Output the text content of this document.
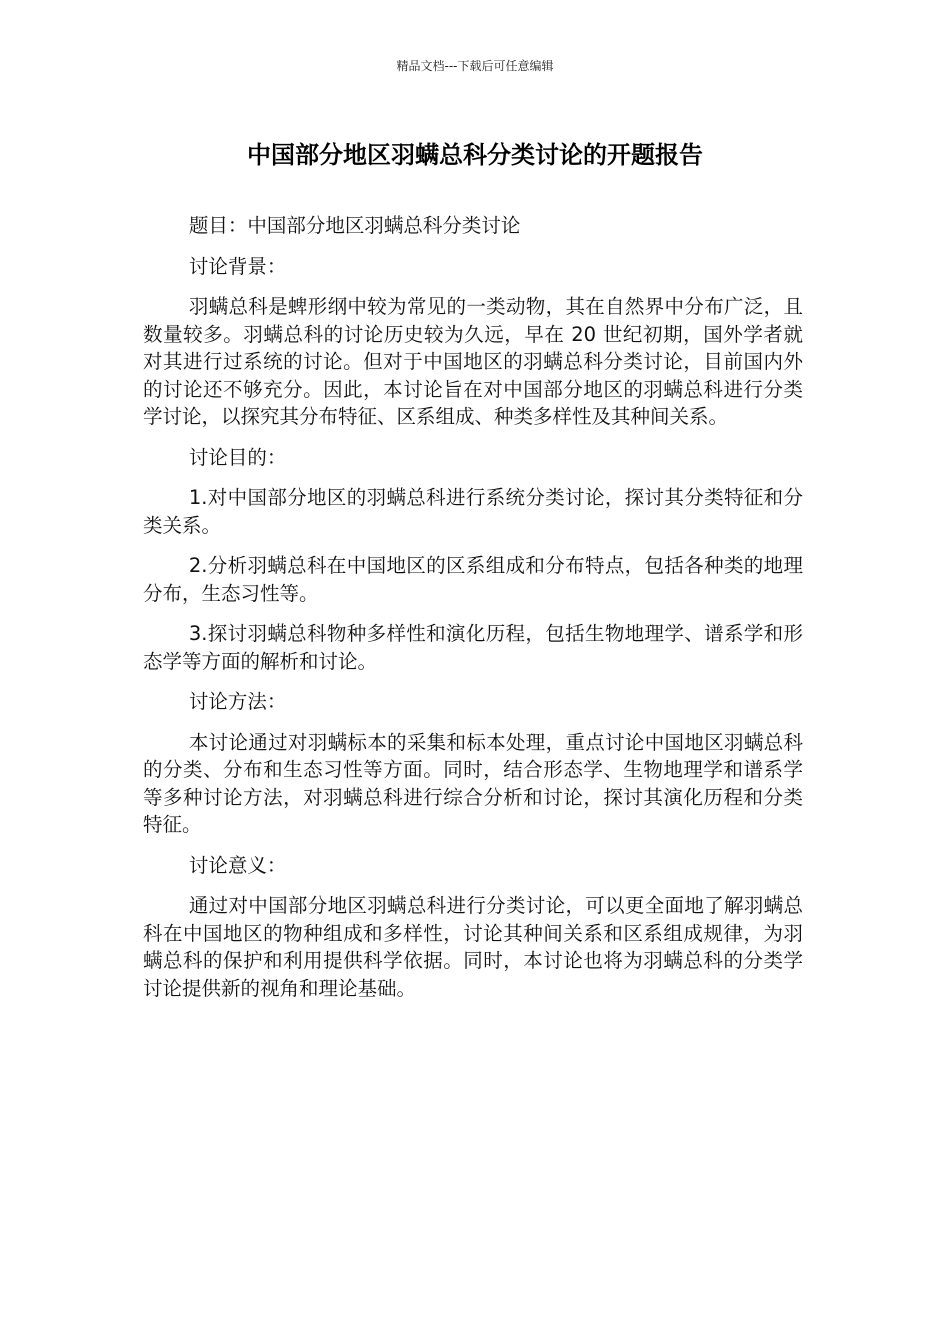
精品文档---下载后可任意编辑
中国部分地区羽螨总科分类讨论的开题报告

题目：中国部分地区羽螨总科分类讨论

讨论背景：

羽螨总科是蜱形纲中较为常见的一类动物，其在自然界中分布广泛，且数量较多。羽螨总科的讨论历史较为久远，早在 20 世纪初期，国外学者就对其进行过系统的讨论。但对于中国地区的羽螨总科分类讨论，目前国内外的讨论还不够充分。因此，本讨论旨在对中国部分地区的羽螨总科进行分类学讨论，以探究其分布特征、区系组成、种类多样性及其种间关系。

讨论目的：

1.对中国部分地区的羽螨总科进行系统分类讨论，探讨其分类特征和分类关系。

2.分析羽螨总科在中国地区的区系组成和分布特点，包括各种类的地理分布，生态习性等。

3.探讨羽螨总科物种多样性和演化历程，包括生物地理学、谱系学和形态学等方面的解析和讨论。

讨论方法：

本讨论通过对羽螨标本的采集和标本处理，重点讨论中国地区羽螨总科的分类、分布和生态习性等方面。同时，结合形态学、生物地理学和谱系学等多种讨论方法，对羽螨总科进行综合分析和讨论，探讨其演化历程和分类特征。

讨论意义：

通过对中国部分地区羽螨总科进行分类讨论，可以更全面地了解羽螨总科在中国地区的物种组成和多样性，讨论其种间关系和区系组成规律，为羽螨总科的保护和利用提供科学依据。同时，本讨论也将为羽螨总科的分类学讨论提供新的视角和理论基础。
